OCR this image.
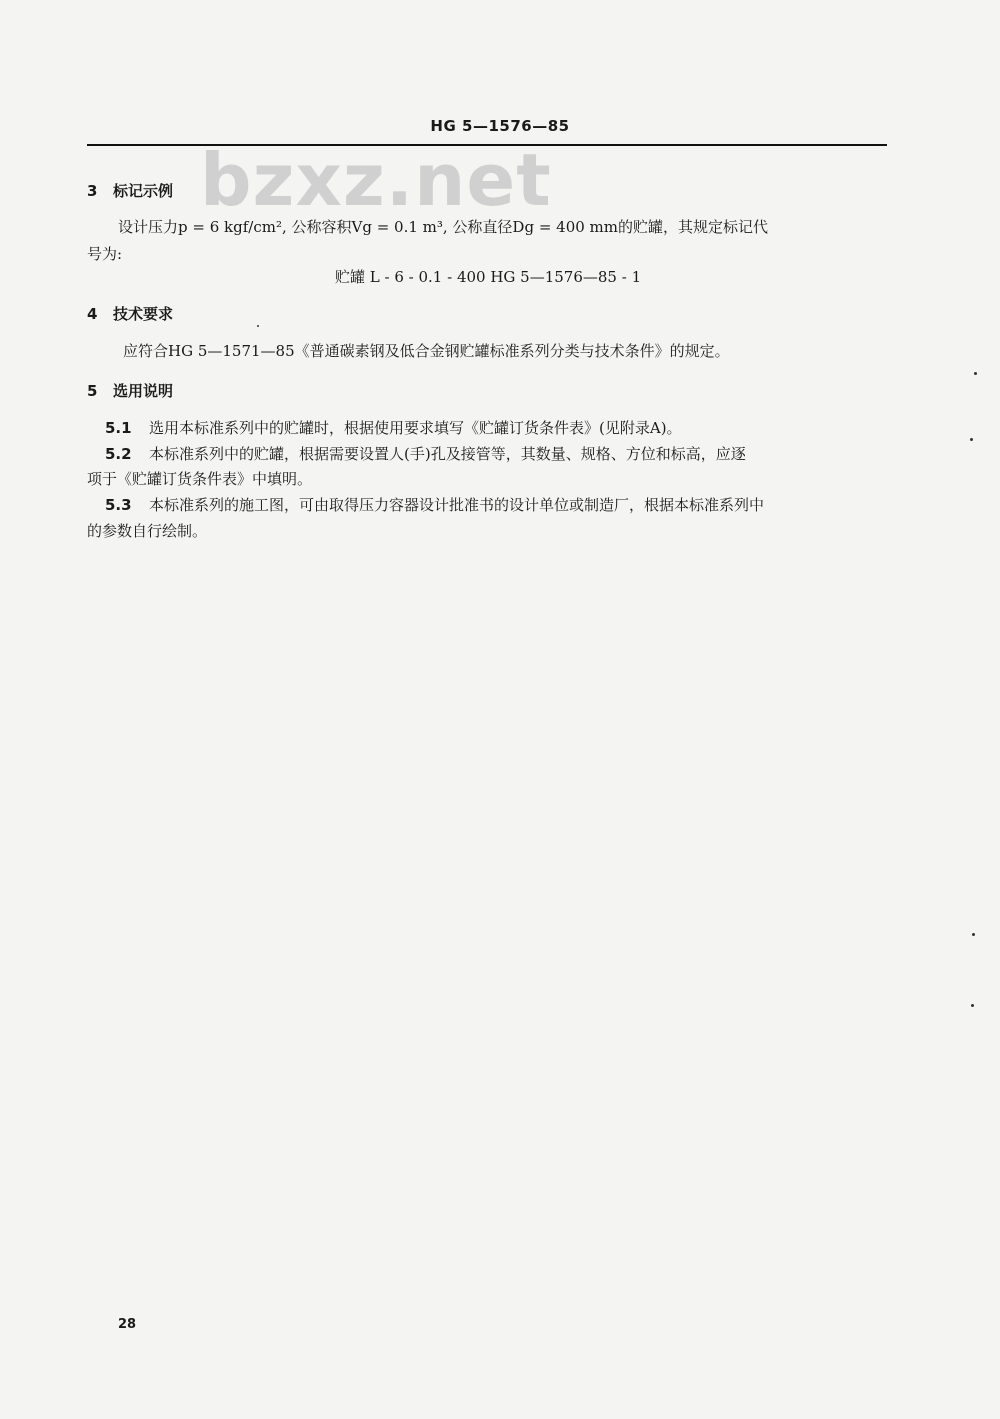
HG 5—1576—85
bzxz.net
3 标记示例
设计压力p = 6 kgf/cm², 公称容积Vg = 0.1 m³, 公称直径Dg = 400 mm的贮罐，其规定标记代
号为:
贮罐 L - 6 - 0.1 - 400 HG 5—1576—85 - 1
4 技术要求
应符合HG 5—1571—85《普通碳素钢及低合金钢贮罐标准系列分类与技术条件》的规定。
5 选用说明
5.1 选用本标准系列中的贮罐时，根据使用要求填写《贮罐订货条件表》(见附录A)。
5.2 本标准系列中的贮罐，根据需要设置人(手)孔及接管等，其数量、规格、方位和标高，应逐
项于《贮罐订货条件表》中填明。
5.3 本标准系列的施工图，可由取得压力容器设计批准书的设计单位或制造厂，根据本标准系列中
的参数自行绘制。
28
